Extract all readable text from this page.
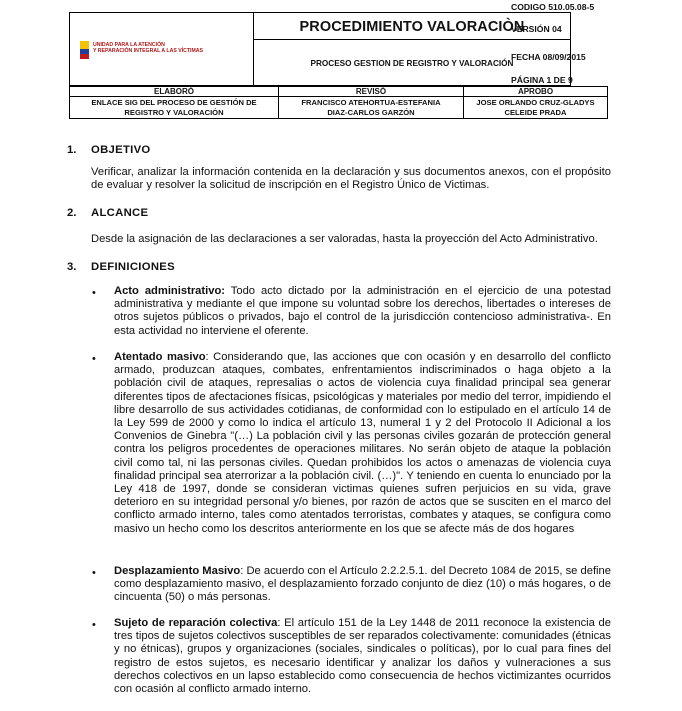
UNIDAD PARA LA ATENCIÓN
Y REPARACIÓN INTEGRAL A LAS VÍCTIMAS
PROCEDIMIENTO VALORACIÒN
PROCESO GESTION DE REGISTRO Y VALORACIÓN
CODIGO 510.05.08-5
VERSIÓN 04
FECHA 08/09/2015
PÁGINA 1 DE 9
ELABORÓ	REVISÓ	APROBO
ENLACE SIG DEL PROCESO DE GESTIÓN DE REGISTRO Y VALORACIÓN
FRANCISCO ATEHORTUA-ESTEFANIA DIAZ-CARLOS GARZÓN
JOSE ORLANDO CRUZ-GLADYS CELEIDE PRADA
1. OBJETIVO
Verificar, analizar la información contenida en la declaración y sus documentos anexos, con el propósito de evaluar y resolver la solicitud de inscripción en el Registro Único de Victimas.
2. ALCANCE
Desde la asignación de las declaraciones a ser valoradas, hasta la proyección del Acto Administrativo.
3. DEFINICIONES
• Acto administrativo: Todo acto dictado por la administración en el ejercicio de una potestad administrativa y mediante el que impone su voluntad sobre los derechos, libertades o intereses de otros sujetos públicos o privados, bajo el control de la jurisdicción contencioso administrativa-. En esta actividad no interviene el oferente.
• Atentado masivo: Considerando que, las acciones que con ocasión y en desarrollo del conflicto armado, produzcan ataques, combates, enfrentamientos indiscriminados o haga objeto a la población civil de ataques, represalias o actos de violencia cuya finalidad principal sea generar diferentes tipos de afectaciones físicas, psicológicas y materiales por medio del terror, impidiendo el libre desarrollo de sus actividades cotidianas, de conformidad con lo estipulado en el artículo 14 de la Ley 599 de 2000 y como lo indica el artículo 13, numeral 1 y 2 del Protocolo II Adicional a los Convenios de Ginebra "(…) La población civil y las personas civiles gozarán de protección general contra los peligros procedentes de operaciones militares. No serán objeto de ataque la población civil como tal, ni las personas civiles. Quedan prohibidos los actos o amenazas de violencia cuya finalidad principal sea aterrorizar a la población civil. (…)". Y teniendo en cuenta lo enunciado por la Ley 418 de 1997, donde se consideran victimas quienes sufren perjuicios en su vida, grave deterioro en su integridad personal y/o bienes, por razón de actos que se susciten en el marco del conflicto armado interno, tales como atentados terroristas, combates y ataques, se configura como masivo un hecho como los descritos anteriormente en los que se afecte más de dos hogares
• Desplazamiento Masivo: De acuerdo con el Artículo 2.2.2.5.1. del Decreto 1084 de 2015, se define como desplazamiento masivo, el desplazamiento forzado conjunto de diez (10) o más hogares, o de cincuenta (50) o más personas.
• Sujeto de reparación colectiva: El artículo 151 de la Ley 1448 de 2011 reconoce la existencia de tres tipos de sujetos colectivos susceptibles de ser reparados colectivamente: comunidades (étnicas y no étnicas), grupos y organizaciones (sociales, sindicales o políticas), por lo cual para fines del registro de estos sujetos, es necesario identificar y analizar los daños y vulneraciones a sus derechos colectivos en un lapso establecido como consecuencia de hechos victimizantes ocurridos con ocasión al conflicto armado interno.
